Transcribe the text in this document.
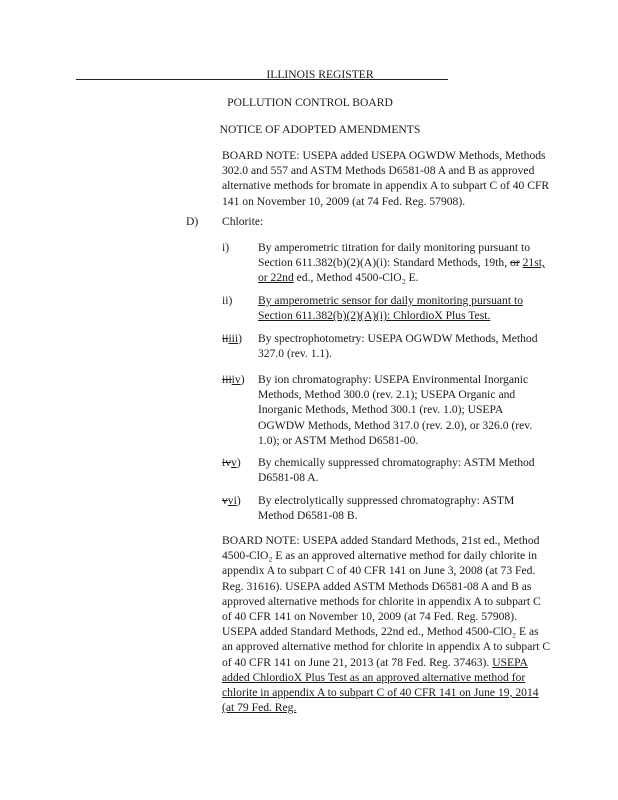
ILLINOIS REGISTER
POLLUTION CONTROL BOARD
NOTICE OF ADOPTED AMENDMENTS
BOARD NOTE: USEPA added USEPA OGWDW Methods, Methods 302.0 and 557 and ASTM Methods D6581-08 A and B as approved alternative methods for bromate in appendix A to subpart C of 40 CFR 141 on November 10, 2009 (at 74 Fed. Reg. 57908).
D) Chlorite:
i) By amperometric titration for daily monitoring pursuant to Section 611.382(b)(2)(A)(i): Standard Methods, 19th, or 21st, or 22nd ed., Method 4500-ClO₂ E.
ii) By amperometric sensor for daily monitoring pursuant to Section 611.382(b)(2)(A)(i): ChlordioX Plus Test.
iiiii) By spectrophotometry: USEPA OGWDW Methods, Method 327.0 (rev. 1.1).
iiiiv) By ion chromatography: USEPA Environmental Inorganic Methods, Method 300.0 (rev. 2.1); USEPA Organic and Inorganic Methods, Method 300.1 (rev. 1.0); USEPA OGWDW Methods, Method 317.0 (rev. 2.0), or 326.0 (rev. 1.0); or ASTM Method D6581-00.
ivv) By chemically suppressed chromatography: ASTM Method D6581-08 A.
vvi) By electrolytically suppressed chromatography: ASTM Method D6581-08 B.
BOARD NOTE: USEPA added Standard Methods, 21st ed., Method 4500-ClO₂ E as an approved alternative method for daily chlorite in appendix A to subpart C of 40 CFR 141 on June 3, 2008 (at 73 Fed. Reg. 31616). USEPA added ASTM Methods D6581-08 A and B as approved alternative methods for chlorite in appendix A to subpart C of 40 CFR 141 on November 10, 2009 (at 74 Fed. Reg. 57908). USEPA added Standard Methods, 22nd ed., Method 4500-ClO₂ E as an approved alternative method for chlorite in appendix A to subpart C of 40 CFR 141 on June 21, 2013 (at 78 Fed. Reg. 37463). USEPA added ChlordioX Plus Test as an approved alternative method for chlorite in appendix A to subpart C of 40 CFR 141 on June 19, 2014 (at 79 Fed. Reg.
